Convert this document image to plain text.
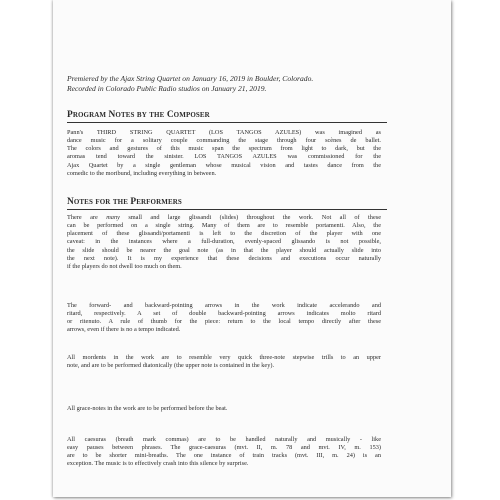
Premiered by the Ajax String Quartet on January 16, 2019 in Boulder, Colorado.
Recorded in Colorado Public Radio studios on January 21, 2019.

Program Notes by the Composer

Pann's THIRD STRING QUARTET (LOS TANGOS AZULES) was imagined as
dance music for a solitary couple commanding the stage through four scènes de ballet.
The colors and gestures of this music span the spectrum from light to dark, but the
aromas tend toward the sinister. LOS TANGOS AZULES was commissioned for the
Ajax Quartet by a single gentleman whose musical vision and tastes dance from the
comedic to the moribund, including everything in between.

Notes for the Performers

There are many small and large glissandi (slides) throughout the work. Not all of these
can be performed on a single string. Many of them are to resemble portamenti. Also, the
placement of these glissandi/portamenti is left to the discretion of the player with one
caveat: in the instances where a full-duration, evenly-spaced glissando is not possible,
the slide should be nearer the goal note (as in that the player should actually slide into
the next note). It is my experience that these decisions and executions occur naturally
if the players do not dwell too much on them.

The forward- and backward-pointing arrows in the work indicate accelerando and
ritard, respectively. A set of double backward-pointing arrows indicates molto ritard
or ritenuto. A rule of thumb for the piece: return to the local tempo directly after these
arrows, even if there is no a tempo indicated.

All mordents in the work are to resemble very quick three-note stepwise trills to an upper
note, and are to be performed diatonically (the upper note is contained in the key).

All grace-notes in the work are to be performed before the beat.

All caesuras (breath mark commas) are to be handled naturally and musically - like
easy pauses between phrases. The grace-caesuras (mvt. II, m. 78 and mvt. IV, m. 153)
are to be shorter mini-breaths. The one instance of train tracks (mvt. III, m. 24) is an
exception. The music is to effectively crash into this silence by surprise.
